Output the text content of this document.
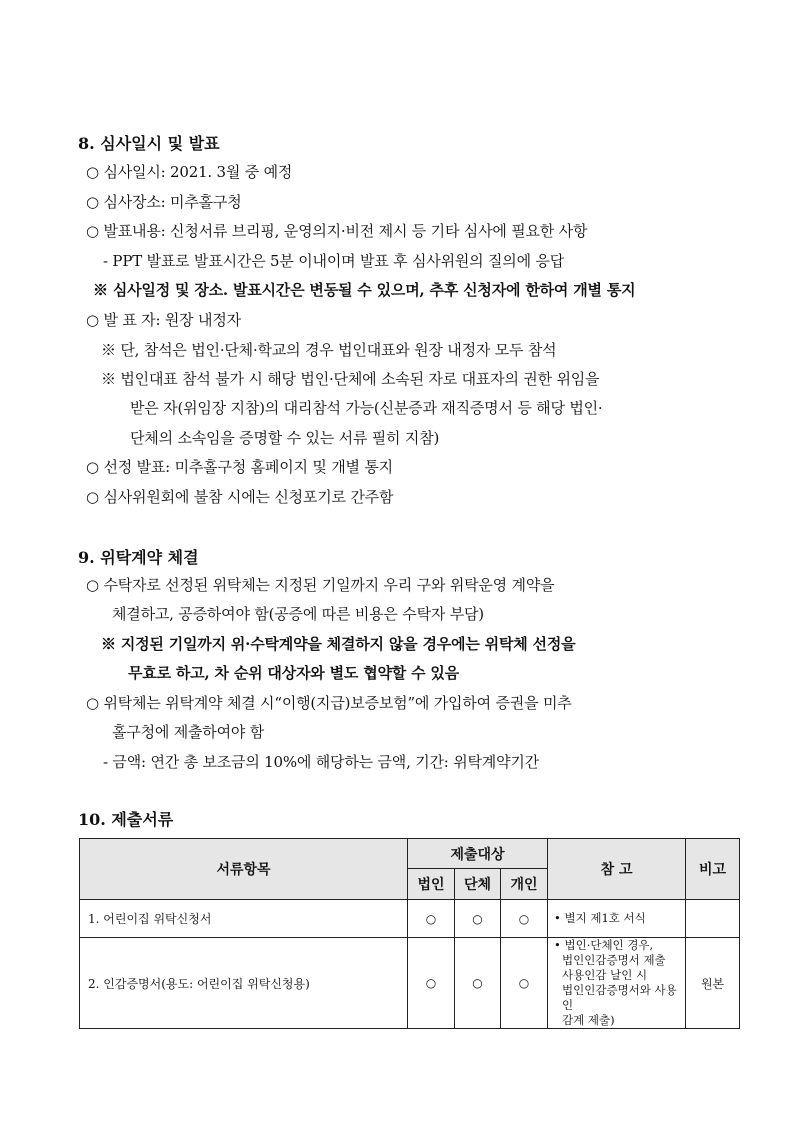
8. 심사일시 및 발표
○ 심사일시: 2021. 3월 중 예정
○ 심사장소: 미추홀구청
○ 발표내용: 신청서류 브리핑, 운영의지·비전 제시 등 기타 심사에 필요한 사항
- PPT 발표로 발표시간은 5분 이내이며 발표 후 심사위원의 질의에 응답
※ 심사일정 및 장소. 발표시간은 변동될 수 있으며, 추후 신청자에 한하여 개별 통지
○ 발 표 자: 원장 내정자
※ 단, 참석은 법인·단체·학교의 경우 법인대표와 원장 내정자 모두 참석
※ 법인대표 참석 불가 시 해당 법인·단체에 소속된 자로 대표자의 권한 위임을
받은 자(위임장 지참)의 대리참석 가능(신분증과 재직증명서 등 해당 법인·
단체의 소속임을 증명할 수 있는 서류 필히 지참)
○ 선정 발표: 미추홀구청 홈페이지 및 개별 통지
○ 심사위원회에 불참 시에는 신청포기로 간주함
9. 위탁계약 체결
○ 수탁자로 선정된 위탁체는 지정된 기일까지 우리 구와 위탁운영 계약을
체결하고, 공증하여야 함(공증에 따른 비용은 수탁자 부담)
※ 지정된 기일까지 위·수탁계약을 체결하지 않을 경우에는 위탁체 선정을
무효로 하고, 차 순위 대상자와 별도 협약할 수 있음
○ 위탁체는 위탁계약 체결 시“이행(지급)보증보험”에 가입하여 증권을 미추
홀구청에 제출하여야 함
- 금액: 연간 총 보조금의 10%에 해당하는 금액, 기간: 위탁계약기간
10. 제출서류
서류항목	제출대상			참 고	비고
	법인	단체	개인		
1. 어린이집 위탁신청서	○	○	○	• 별지 제1호 서식	
2. 인감증명서(용도: 어린이집 위탁신청용)	○	○	○	• 법인·단체인 경우,
법인인감증명서 제출
사용인감 날인 시
법인인감증명서와 사용인
감계 제출)	원본
